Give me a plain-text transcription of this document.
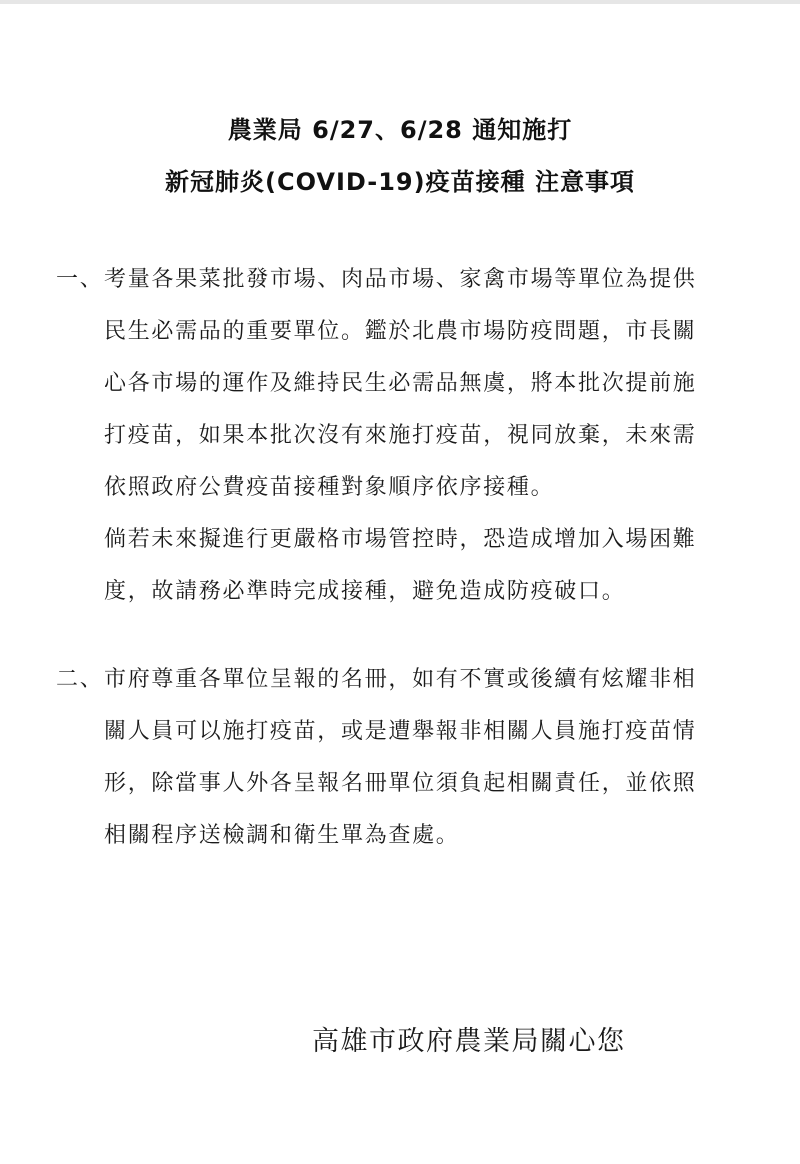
農業局 6/27、6/28 通知施打
新冠肺炎(COVID-19)疫苗接種 注意事項
一、 考量各果菜批發市場、肉品市場、家禽市場等單位為提供
民生必需品的重要單位。鑑於北農市場防疫問題，市長關
心各市場的運作及維持民生必需品無虞，將本批次提前施
打疫苗，如果本批次沒有來施打疫苗，視同放棄，未來需
依照政府公費疫苗接種對象順序依序接種。
倘若未來擬進行更嚴格市場管控時，恐造成增加入場困難
度，故請務必準時完成接種，避免造成防疫破口。
二、 市府尊重各單位呈報的名冊，如有不實或後續有炫耀非相
關人員可以施打疫苗，或是遭舉報非相關人員施打疫苗情
形，除當事人外各呈報名冊單位須負起相關責任，並依照
相關程序送檢調和衛生單為查處。
高雄市政府農業局關心您
